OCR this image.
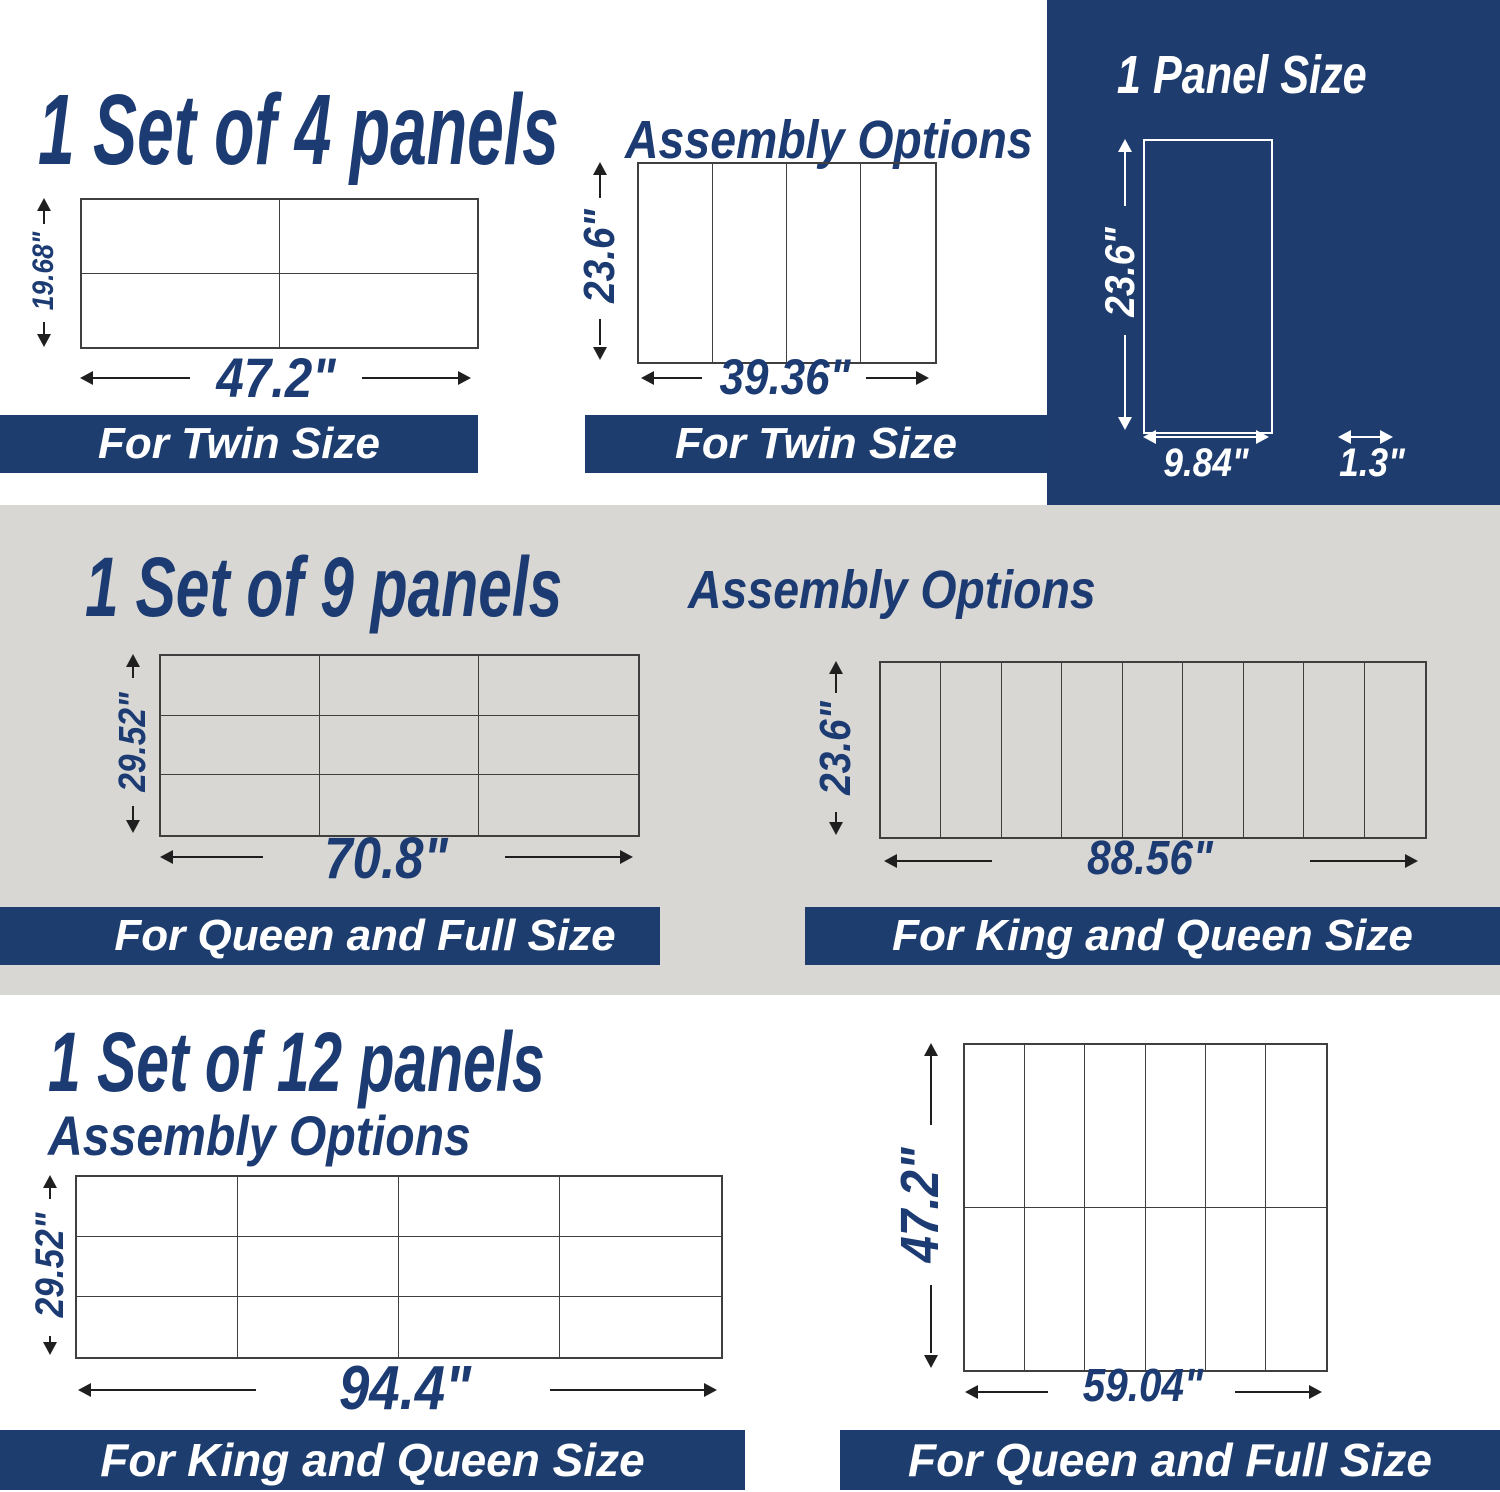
1 Set of 4 panels Assembly Options
19.68"
47.2"
For Twin Size
23.6"
39.36"
For Twin Size
1 Panel Size
23.6"
9.84" 1.3"
1 Set of 9 panels Assembly Options
29.52"
70.8"
For Queen and Full Size
23.6"
88.56"
For King and Queen Size
1 Set of 12 panels
Assembly Options
29.52"
94.4"
For King and Queen Size
47.2"
59.04"
For Queen and Full Size
